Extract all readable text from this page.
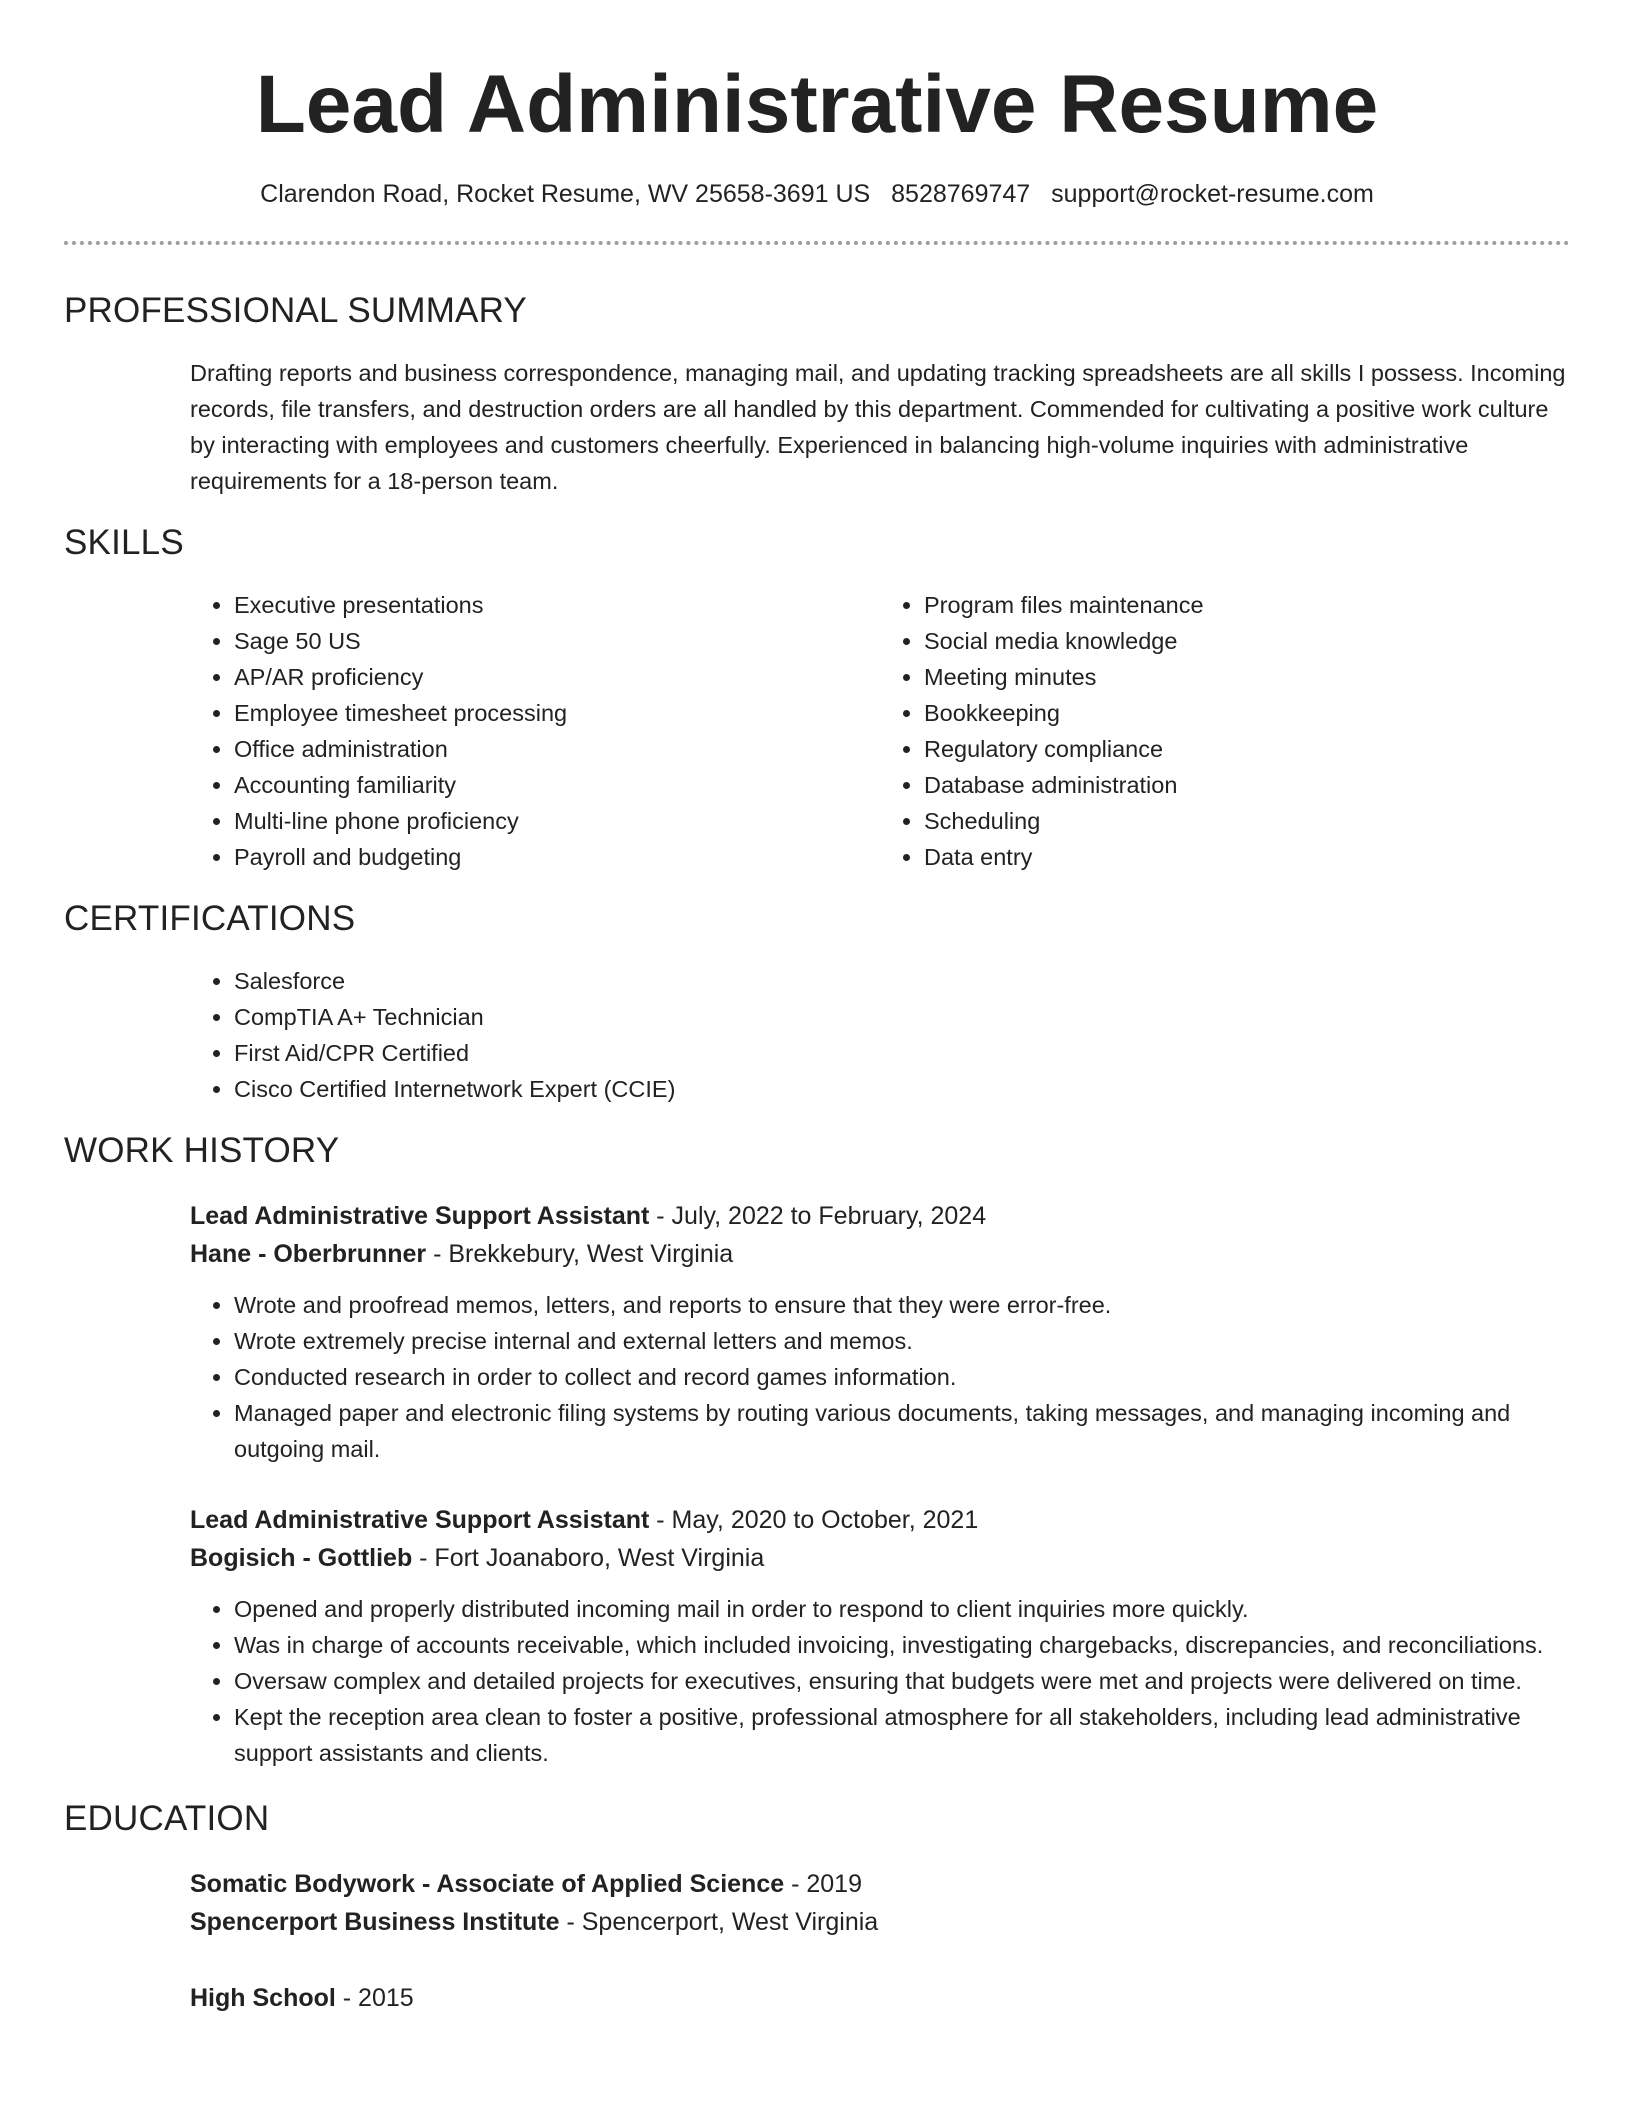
Lead Administrative Resume
Clarendon Road, Rocket Resume, WV 25658-3691 US 8528769747 support@rocket-resume.com
PROFESSIONAL SUMMARY
Drafting reports and business correspondence, managing mail, and updating tracking spreadsheets are all skills I possess. Incoming records, file transfers, and destruction orders are all handled by this department. Commended for cultivating a positive work culture by interacting with employees and customers cheerfully. Experienced in balancing high-volume inquiries with administrative requirements for a 18-person team.
SKILLS
• Executive presentations
• Sage 50 US
• AP/AR proficiency
• Employee timesheet processing
• Office administration
• Accounting familiarity
• Multi-line phone proficiency
• Payroll and budgeting
• Program files maintenance
• Social media knowledge
• Meeting minutes
• Bookkeeping
• Regulatory compliance
• Database administration
• Scheduling
• Data entry
CERTIFICATIONS
• Salesforce
• CompTIA A+ Technician
• First Aid/CPR Certified
• Cisco Certified Internetwork Expert (CCIE)
WORK HISTORY
Lead Administrative Support Assistant - July, 2022 to February, 2024
Hane - Oberbrunner - Brekkebury, West Virginia
• Wrote and proofread memos, letters, and reports to ensure that they were error-free.
• Wrote extremely precise internal and external letters and memos.
• Conducted research in order to collect and record games information.
• Managed paper and electronic filing systems by routing various documents, taking messages, and managing incoming and outgoing mail.
Lead Administrative Support Assistant - May, 2020 to October, 2021
Bogisich - Gottlieb - Fort Joanaboro, West Virginia
• Opened and properly distributed incoming mail in order to respond to client inquiries more quickly.
• Was in charge of accounts receivable, which included invoicing, investigating chargebacks, discrepancies, and reconciliations.
• Oversaw complex and detailed projects for executives, ensuring that budgets were met and projects were delivered on time.
• Kept the reception area clean to foster a positive, professional atmosphere for all stakeholders, including lead administrative support assistants and clients.
EDUCATION
Somatic Bodywork - Associate of Applied Science - 2019
Spencerport Business Institute - Spencerport, West Virginia
High School - 2015
